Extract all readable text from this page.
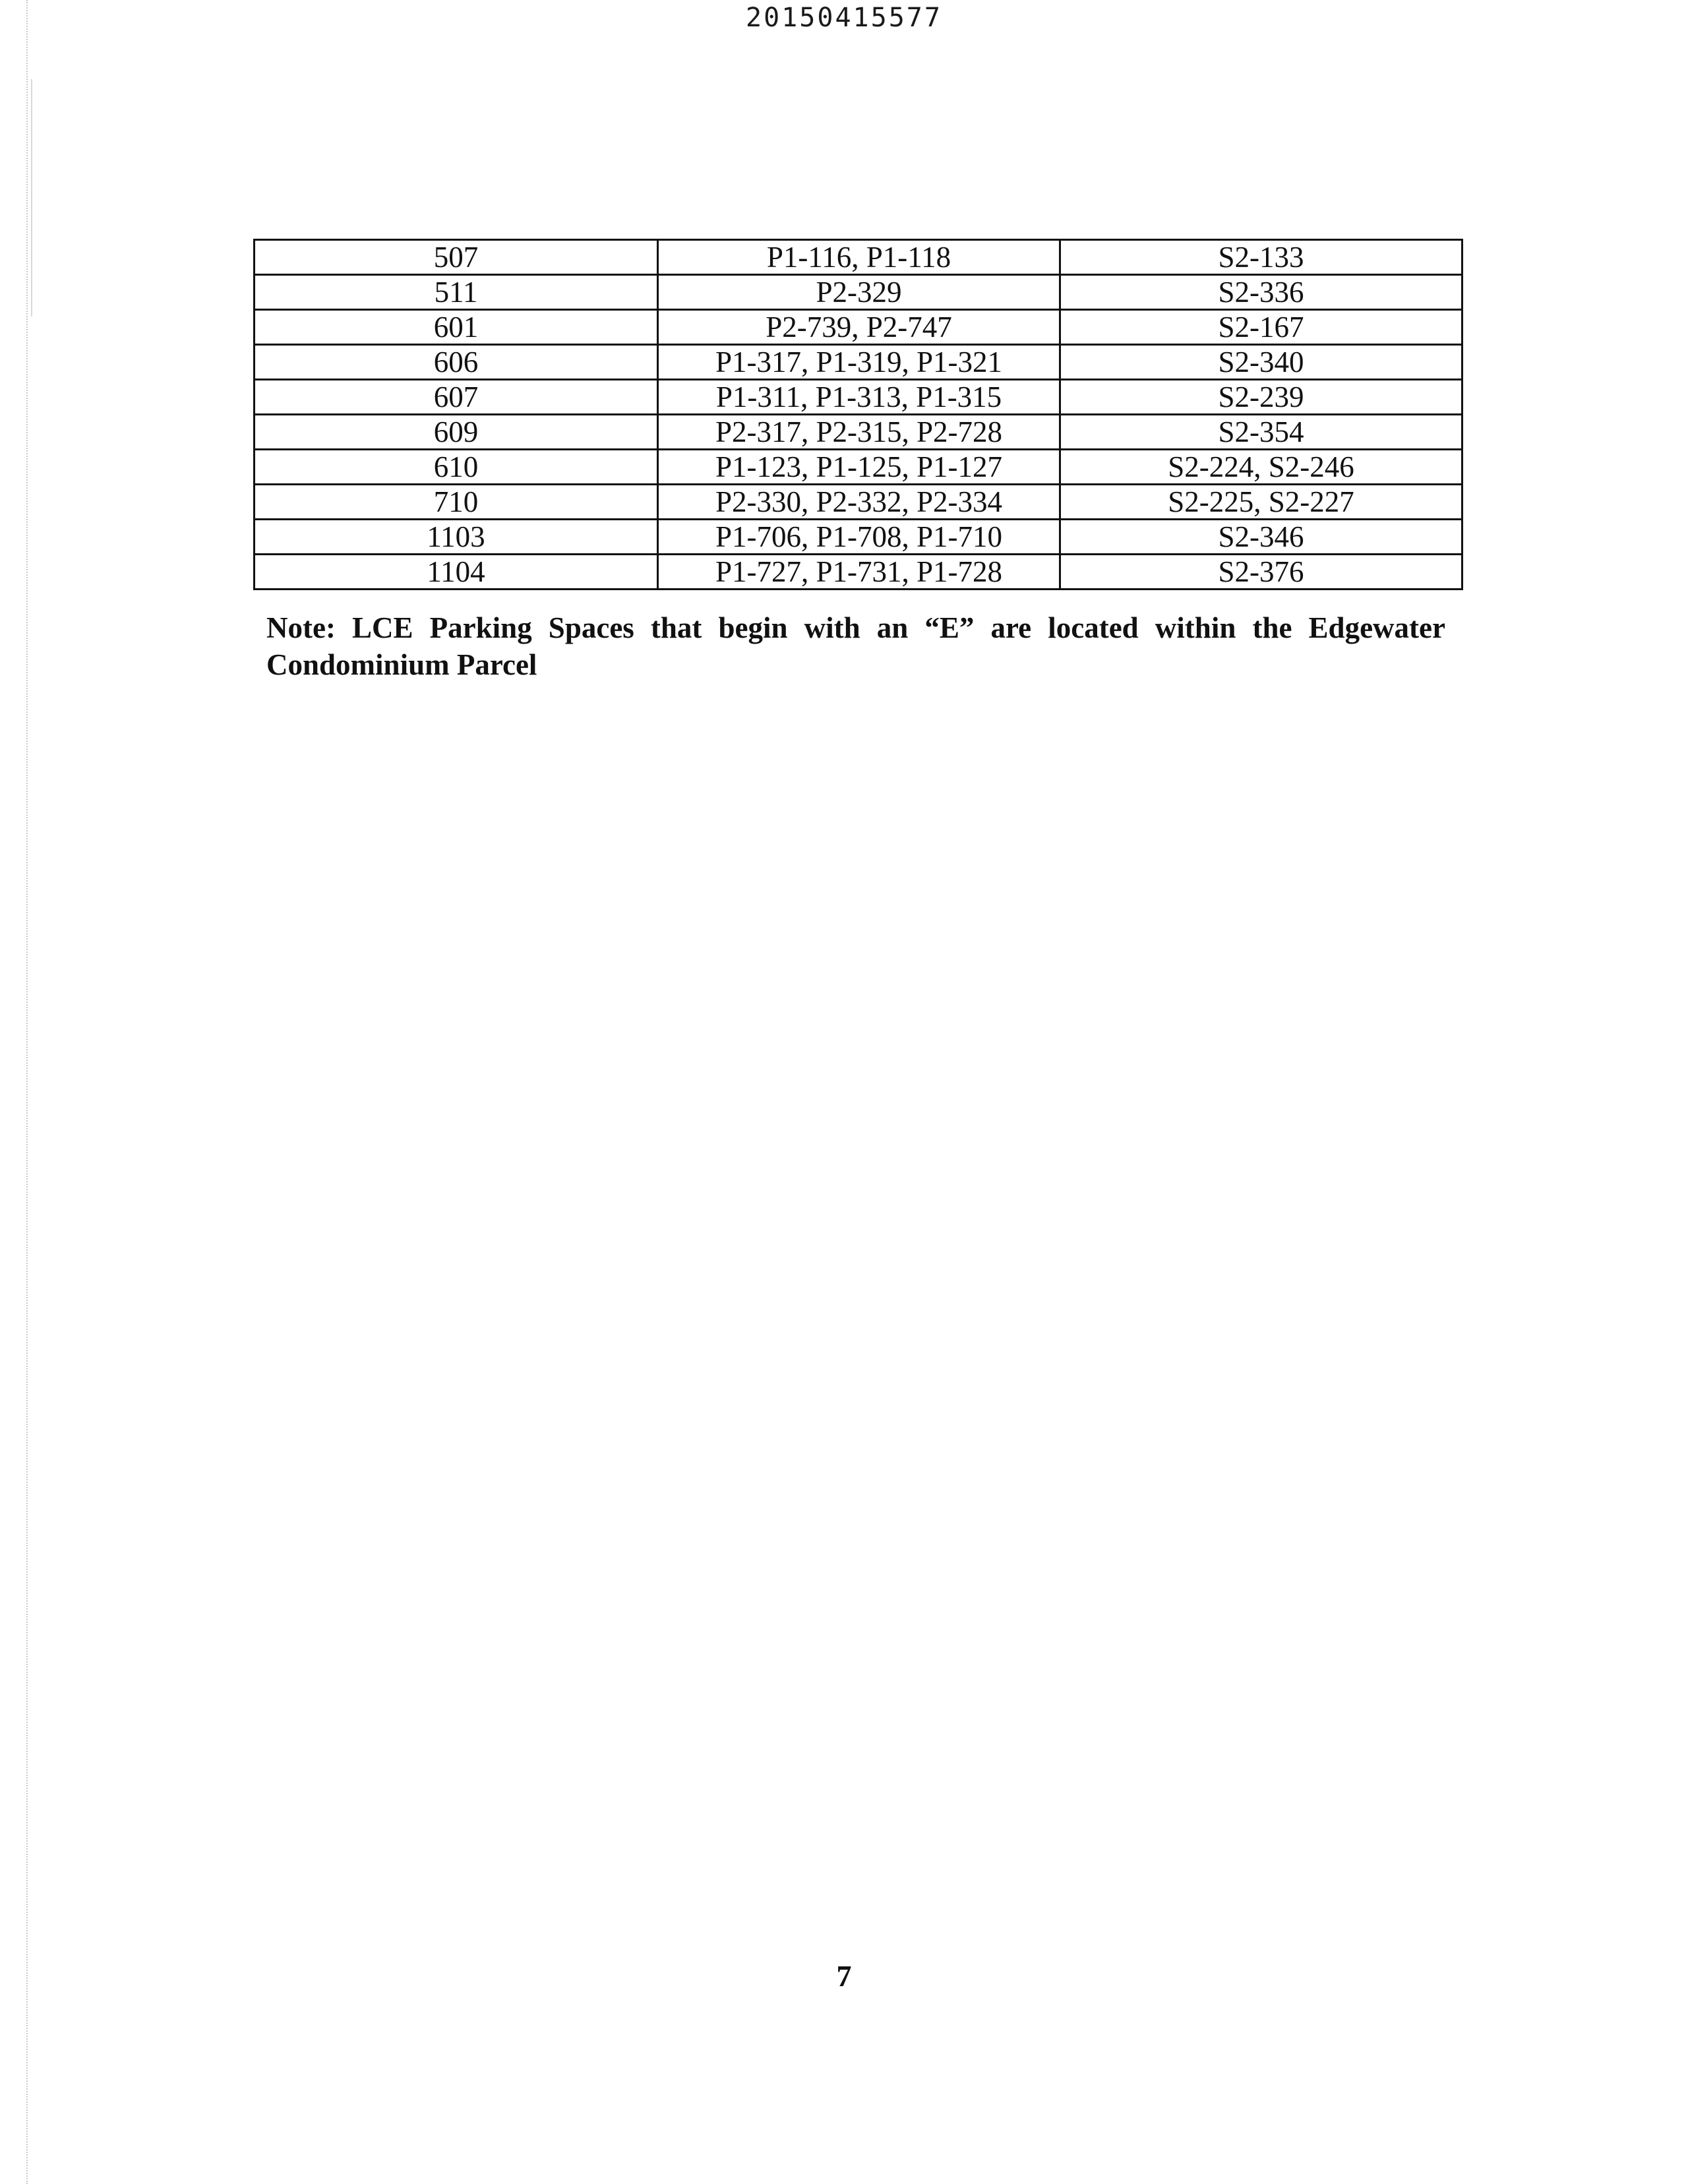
20150415577
507	P1-116, P1-118	S2-133
511	P2-329	S2-336
601	P2-739, P2-747	S2-167
606	P1-317, P1-319, P1-321	S2-340
607	P1-311, P1-313, P1-315	S2-239
609	P2-317, P2-315, P2-728	S2-354
610	P1-123, P1-125, P1-127	S2-224, S2-246
710	P2-330, P2-332, P2-334	S2-225, S2-227
1103	P1-706, P1-708, P1-710	S2-346
1104	P1-727, P1-731, P1-728	S2-376
Note: LCE Parking Spaces that begin with an “E” are located within the Edgewater Condominium Parcel
7
